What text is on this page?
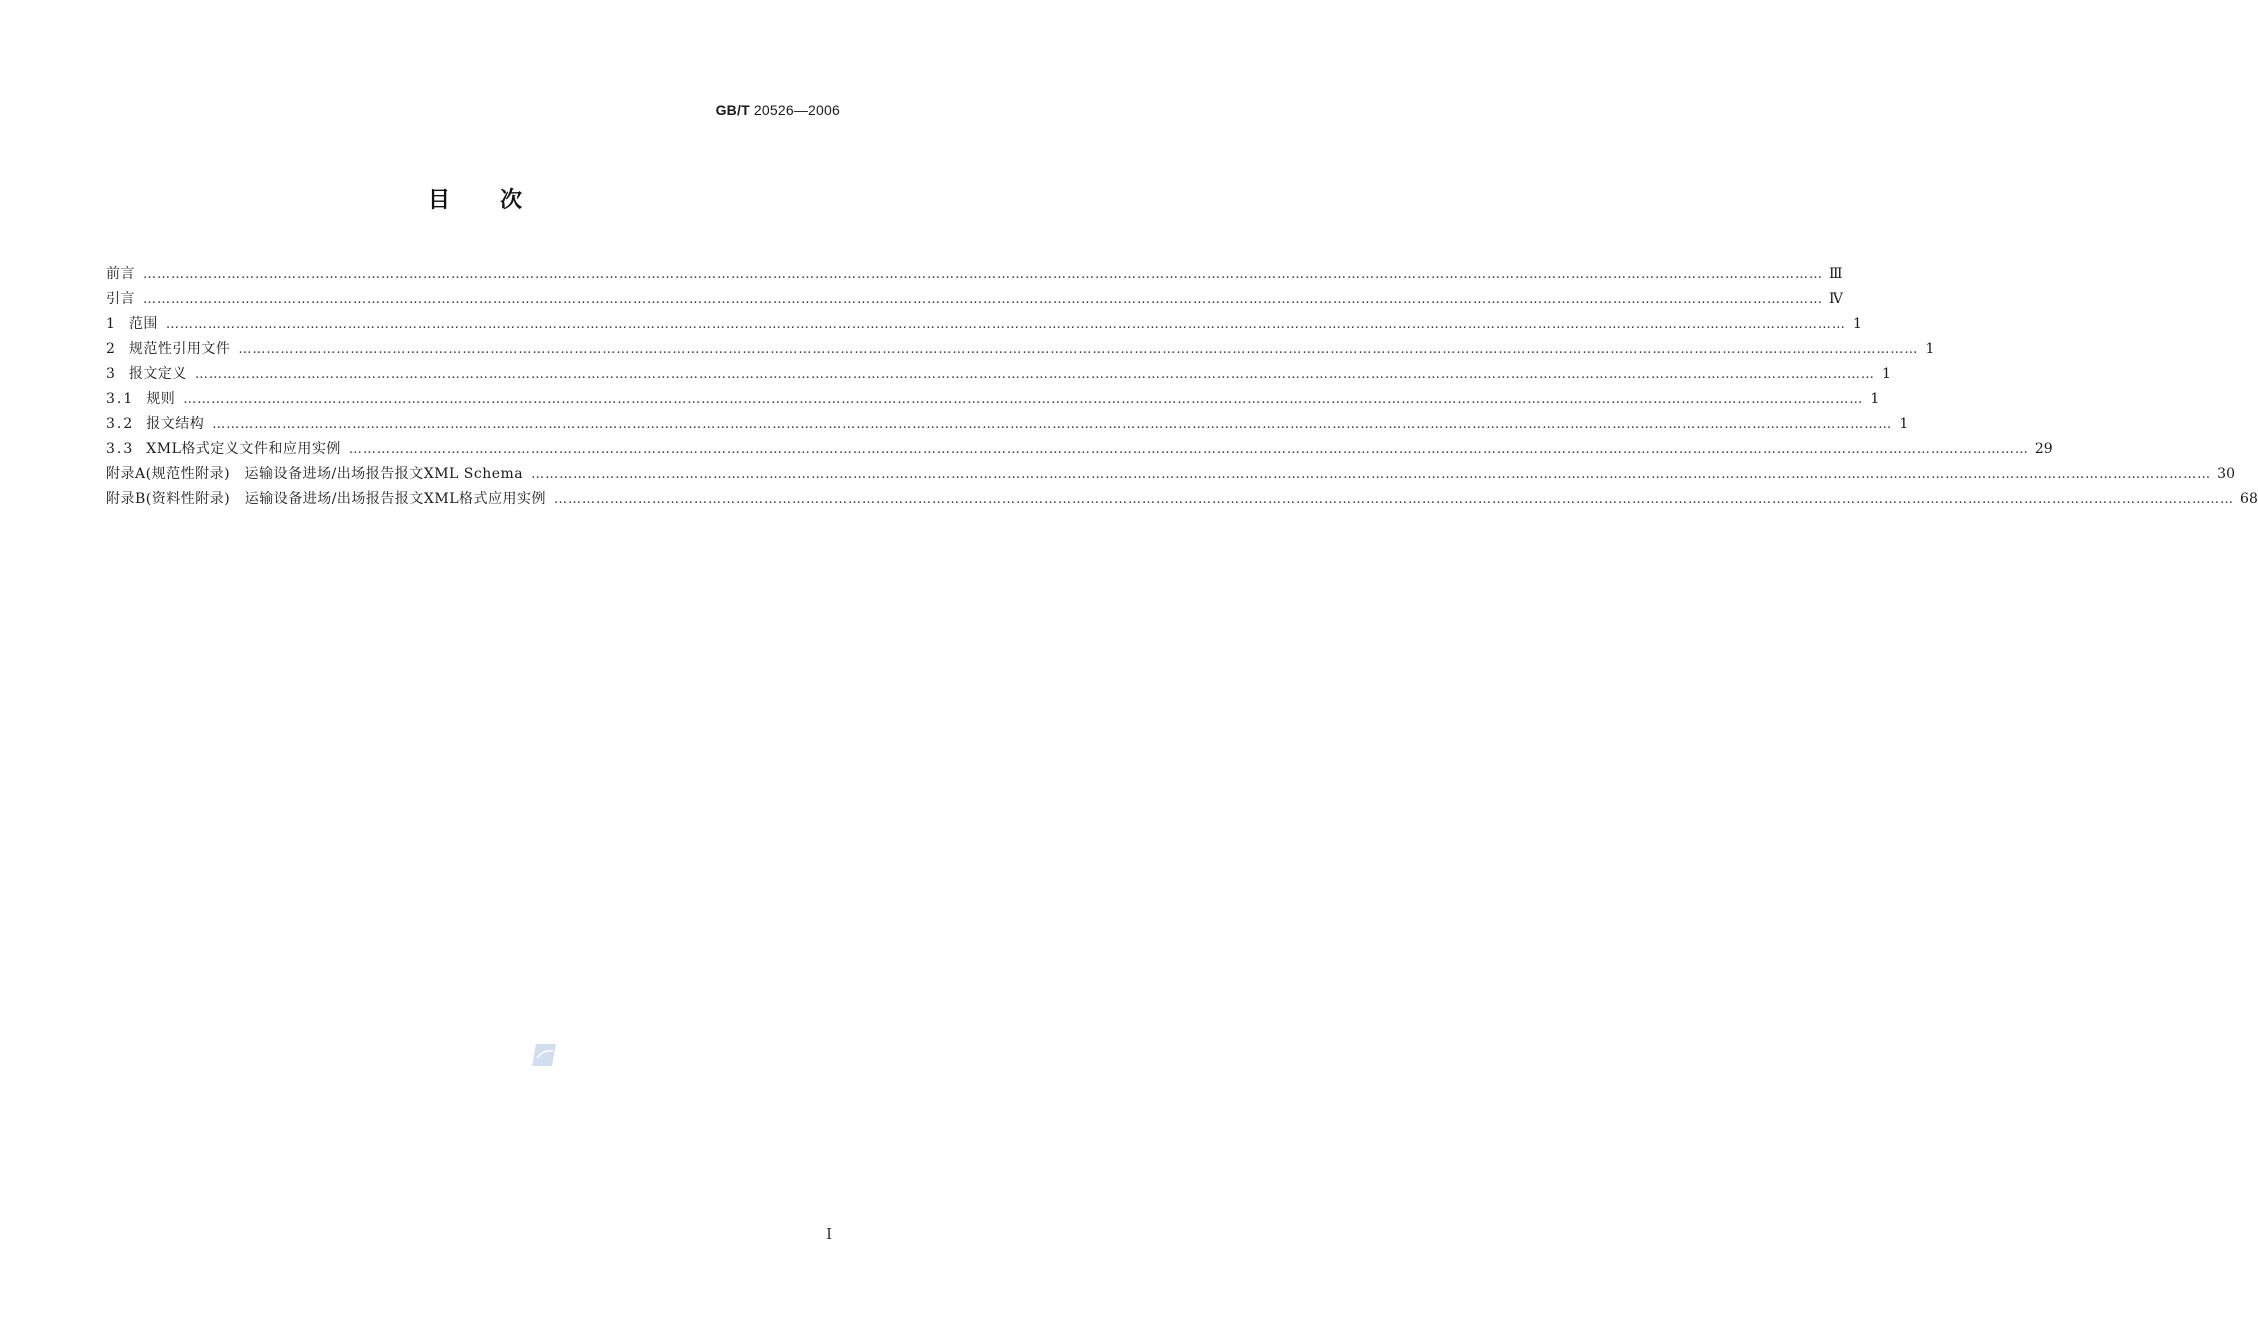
GB/T 20526—2006
目次
前言 ……………………………………………………………………………………………………………………………………………………………………………………………………………………………………………………………………………………………………………………………… Ⅲ
引言 ……………………………………………………………………………………………………………………………………………………………………………………………………………………………………………………………………………………………………………………………… Ⅳ
1 范围 ……………………………………………………………………………………………………………………………………………………………………………………………………………………………………………………………………………………………………………………………… 1
2 规范性引用文件 ……………………………………………………………………………………………………………………………………………………………………………………………………………………………………………………………………………………………………………………………… 1
3 报文定义 ……………………………………………………………………………………………………………………………………………………………………………………………………………………………………………………………………………………………………………………………… 1
3.1 规则 ……………………………………………………………………………………………………………………………………………………………………………………………………………………………………………………………………………………………………………………………… 1
3.2 报文结构 ……………………………………………………………………………………………………………………………………………………………………………………………………………………………………………………………………………………………………………………………… 1
3.3 XML格式定义文件和应用实例 ……………………………………………………………………………………………………………………………………………………………………………………………………………………………………………………………………………………………………………………………… 29
附录A(规范性附录)　运输设备进场/出场报告报文XML Schema ……………………………………………………………………………………………………………………………………………………………………………………………………………………………………………………………………………………………………………………………… 30
附录B(资料性附录)　运输设备进场/出场报告报文XML格式应用实例 ……………………………………………………………………………………………………………………………………………………………………………………………………………………………………………………………………………………………………………………………… 68
Ⅰ
